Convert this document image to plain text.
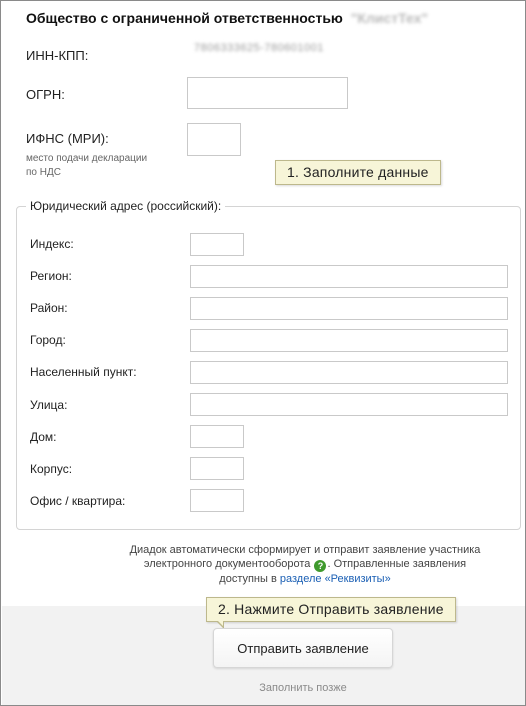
Общество с ограниченной ответственностью "КлистТех"
ИНН-КПП:	7806333625-780601001
ОГРН:
ИФНС (МРИ):
место подачи декларации
по НДС	1. Заполните данные
Юридический адрес (российский):
Индекс:
Регион:
Район:
Город:
Населенный пункт:
Улица:
Дом:
Корпус:
Офис / квартира:
Диадок автоматически сформирует и отправит заявление участника
электронного документооборота ? . Отправленные заявления
доступны в разделе «Реквизиты»
2. Нажмите Отправить заявление
Отправить заявление
Заполнить позже
